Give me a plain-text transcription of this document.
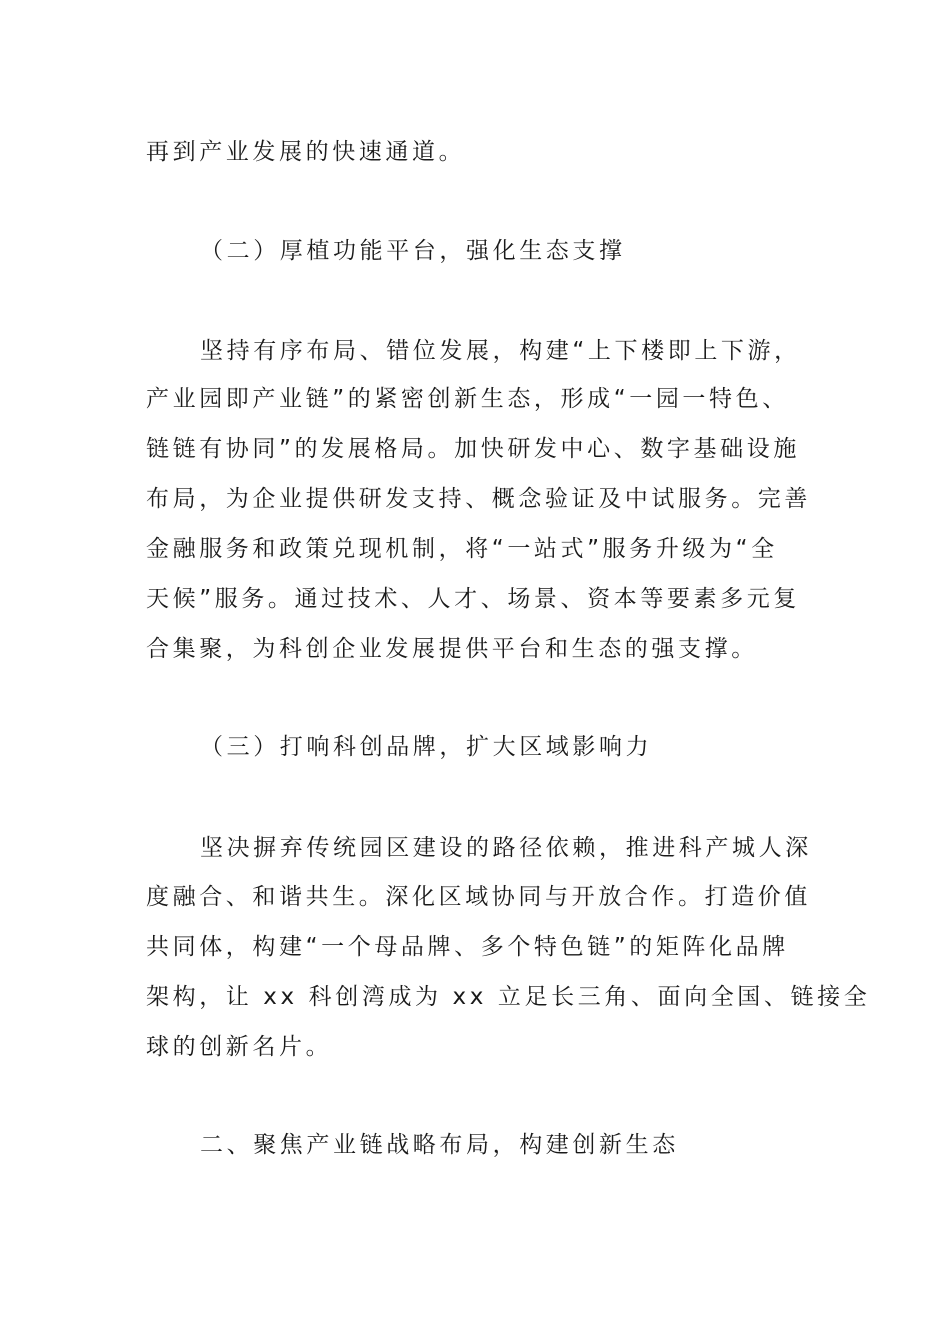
再到产业发展的快速通道。

（二）厚植功能平台，强化生态支撑

坚持有序布局、错位发展，构建“上下楼即上下游，

产业园即产业链”的紧密创新生态，形成“一园一特色、

链链有协同”的发展格局。加快研发中心、数字基础设施

布局，为企业提供研发支持、概念验证及中试服务。完善

金融服务和政策兑现机制，将“一站式”服务升级为“全

天候”服务。通过技术、人才、场景、资本等要素多元复

合集聚，为科创企业发展提供平台和生态的强支撑。

（三）打响科创品牌，扩大区域影响力

坚决摒弃传统园区建设的路径依赖，推进科产城人深

度融合、和谐共生。深化区域协同与开放合作。打造价值

共同体，构建“一个母品牌、多个特色链”的矩阵化品牌

架构，让 xx 科创湾成为 xx 立足长三角、面向全国、链接全

球的创新名片。

二、聚焦产业链战略布局，构建创新生态
